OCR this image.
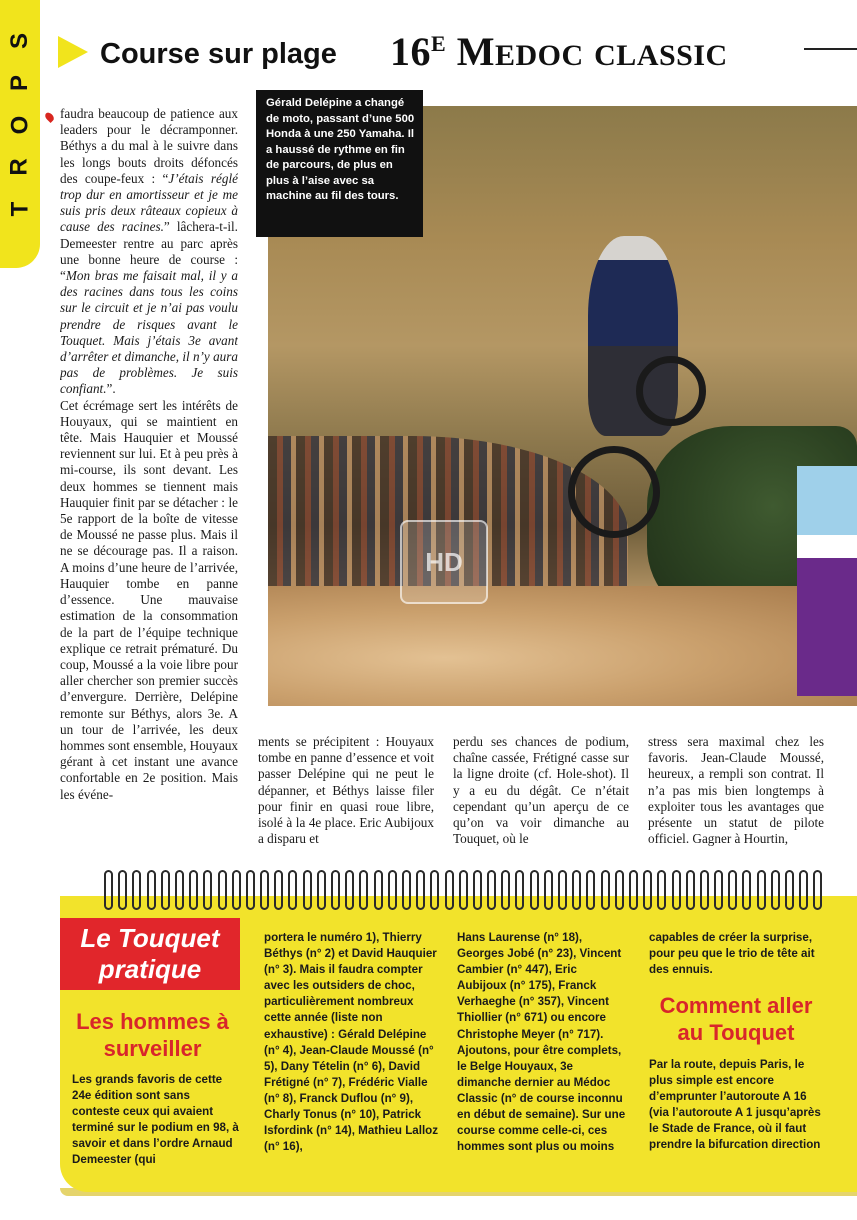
S
P
O
R
T
Course sur plage $16^E$ MEDOC CLASSIC

faudra beaucoup de patience aux leaders pour le décramponner. Béthys a du mal à le suivre dans les longs bouts droits défoncés des coupe-feux : “J’étais réglé trop dur en amortisseur et je me suis pris deux râteaux copieux à cause des racines.” lâchera-t-il. Demeester rentre au parc après une bonne heure de course : “Mon bras me faisait mal, il y a des racines dans tous les coins sur le circuit et je n’ai pas voulu prendre de risques avant le Touquet. Mais j’étais 3e avant d’arrêter et dimanche, il n’y aura pas de problèmes. Je suis confiant.”.

Cet écrémage sert les intérêts de Houyaux, qui se maintient en tête. Mais Hauquier et Moussé reviennent sur lui. Et à peu près à mi-course, ils sont devant. Les deux hommes se tiennent mais Hauquier finit par se détacher : le 5e rapport de la boîte de vitesse de Moussé ne passe plus. Mais il ne se décourage pas. Il a raison. A moins d’une heure de l’arrivée, Hauquier tombe en panne d’essence. Une mauvaise estimation de la consommation de la part de l’équipe technique explique ce retrait prématuré. Du coup, Moussé a la voie libre pour aller chercher son premier succès d’envergure. Derrière, Delépine remonte sur Béthys, alors 3e. A un tour de l’arrivée, les deux hommes sont ensemble, Houyaux gérant à cet instant une avance confortable en 2e position. Mais les événe-

HD
Gérald Delépine a changé de moto, passant d’une 500 Honda à une 250 Yamaha. Il a haussé de rythme en fin de parcours, de plus en plus à l’aise avec sa machine au fil des tours.
ments se précipitent : Houyaux tombe en panne d’essence et voit passer Delépine qui ne peut le dépanner, et Béthys laisse filer pour finir en quasi roue libre, isolé à la 4e place. Eric Aubijoux a disparu et
perdu ses chances de podium, chaîne cassée, Frétigné casse sur la ligne droite (cf. Hole-shot). Il y a eu du dégât. Ce n’était cependant qu’un aperçu de ce qu’on va voir dimanche au Touquet, où le
stress sera maximal chez les favoris. Jean-Claude Moussé, heureux, a rempli son contrat. Il n’a pas mis bien longtemps à exploiter tous les avantages que présente un statut de pilote officiel. Gagner à Hourtin,
Le Touquet
pratique
Les hommes à surveiller
Les grands favoris de cette 24e édition sont sans conteste ceux qui avaient terminé sur le podium en 98, à savoir et dans l’ordre Arnaud Demeester (qui
portera le numéro 1), Thierry Béthys (n° 2) et David Hauquier (n° 3). Mais il faudra compter avec les outsiders de choc, particulièrement nombreux cette année (liste non exhaustive) : Gérald Delépine (n° 4), Jean-Claude Moussé (n° 5), Dany Tételin (n° 6), David Frétigné (n° 7), Frédéric Vialle (n° 8), Franck Duflou (n° 9), Charly Tonus (n° 10), Patrick Isfordink (n° 14), Mathieu Lalloz (n° 16),
Hans Laurense (n° 18), Georges Jobé (n° 23), Vincent Cambier (n° 447), Eric Aubijoux (n° 175), Franck Verhaeghe (n° 357), Vincent Thiollier (n° 671) ou encore Christophe Meyer (n° 717). Ajoutons, pour être complets, le Belge Houyaux, 3e dimanche dernier au Médoc Classic (n° de course inconnu en début de semaine). Sur une course comme celle-ci, ces hommes sont plus ou moins
capables de créer la surprise, pour peu que le trio de tête ait des ennuis.
Comment aller au Touquet
Par la route, depuis Paris, le plus simple est encore d’emprunter l’autoroute A 16 (via l’autoroute A 1 jusqu’après le Stade de France, où il faut prendre la bifurcation direction
